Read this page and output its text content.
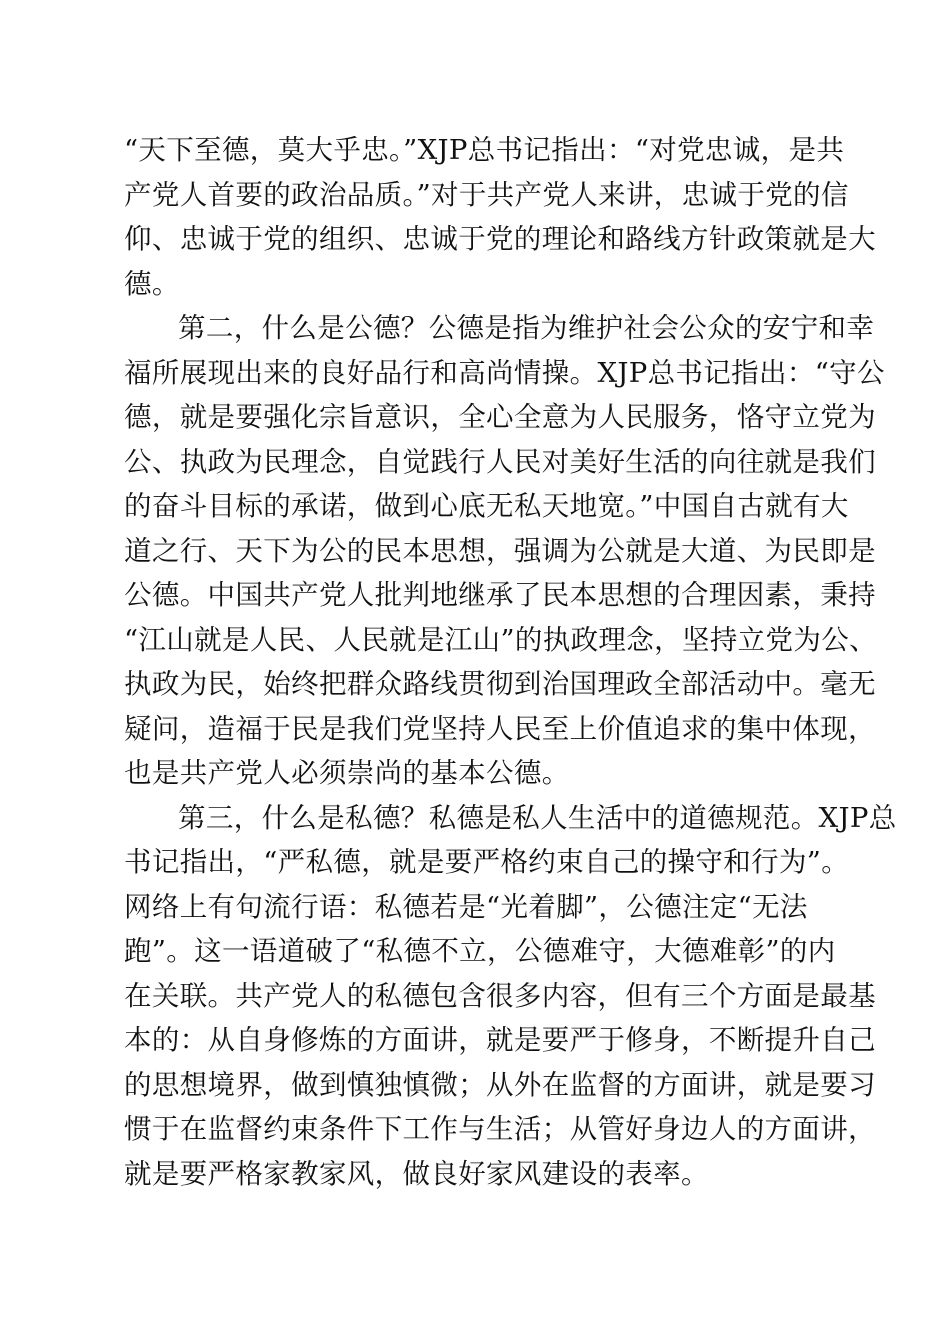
“天下至德，莫大乎忠。”XJP总书记指出：“对党忠诚，是共
产党人首要的政治品质。”对于共产党人来讲，忠诚于党的信
仰、忠诚于党的组织、忠诚于党的理论和路线方针政策就是大
德。
第二，什么是公德？公德是指为维护社会公众的安宁和幸
福所展现出来的良好品行和高尚情操。XJP总书记指出：“守公
德，就是要强化宗旨意识，全心全意为人民服务，恪守立党为
公、执政为民理念，自觉践行人民对美好生活的向往就是我们
的奋斗目标的承诺，做到心底无私天地宽。”中国自古就有大
道之行、天下为公的民本思想，强调为公就是大道、为民即是
公德。中国共产党人批判地继承了民本思想的合理因素，秉持
“江山就是人民、人民就是江山”的执政理念，坚持立党为公、
执政为民，始终把群众路线贯彻到治国理政全部活动中。毫无
疑问，造福于民是我们党坚持人民至上价值追求的集中体现，
也是共产党人必须崇尚的基本公德。
第三，什么是私德？私德是私人生活中的道德规范。XJP总
书记指出，“严私德，就是要严格约束自己的操守和行为”。
网络上有句流行语：私德若是“光着脚”，公德注定“无法
跑”。这一语道破了“私德不立，公德难守，大德难彰”的内
在关联。共产党人的私德包含很多内容，但有三个方面是最基
本的：从自身修炼的方面讲，就是要严于修身，不断提升自己
的思想境界，做到慎独慎微；从外在监督的方面讲，就是要习
惯于在监督约束条件下工作与生活；从管好身边人的方面讲，
就是要严格家教家风，做良好家风建设的表率。
